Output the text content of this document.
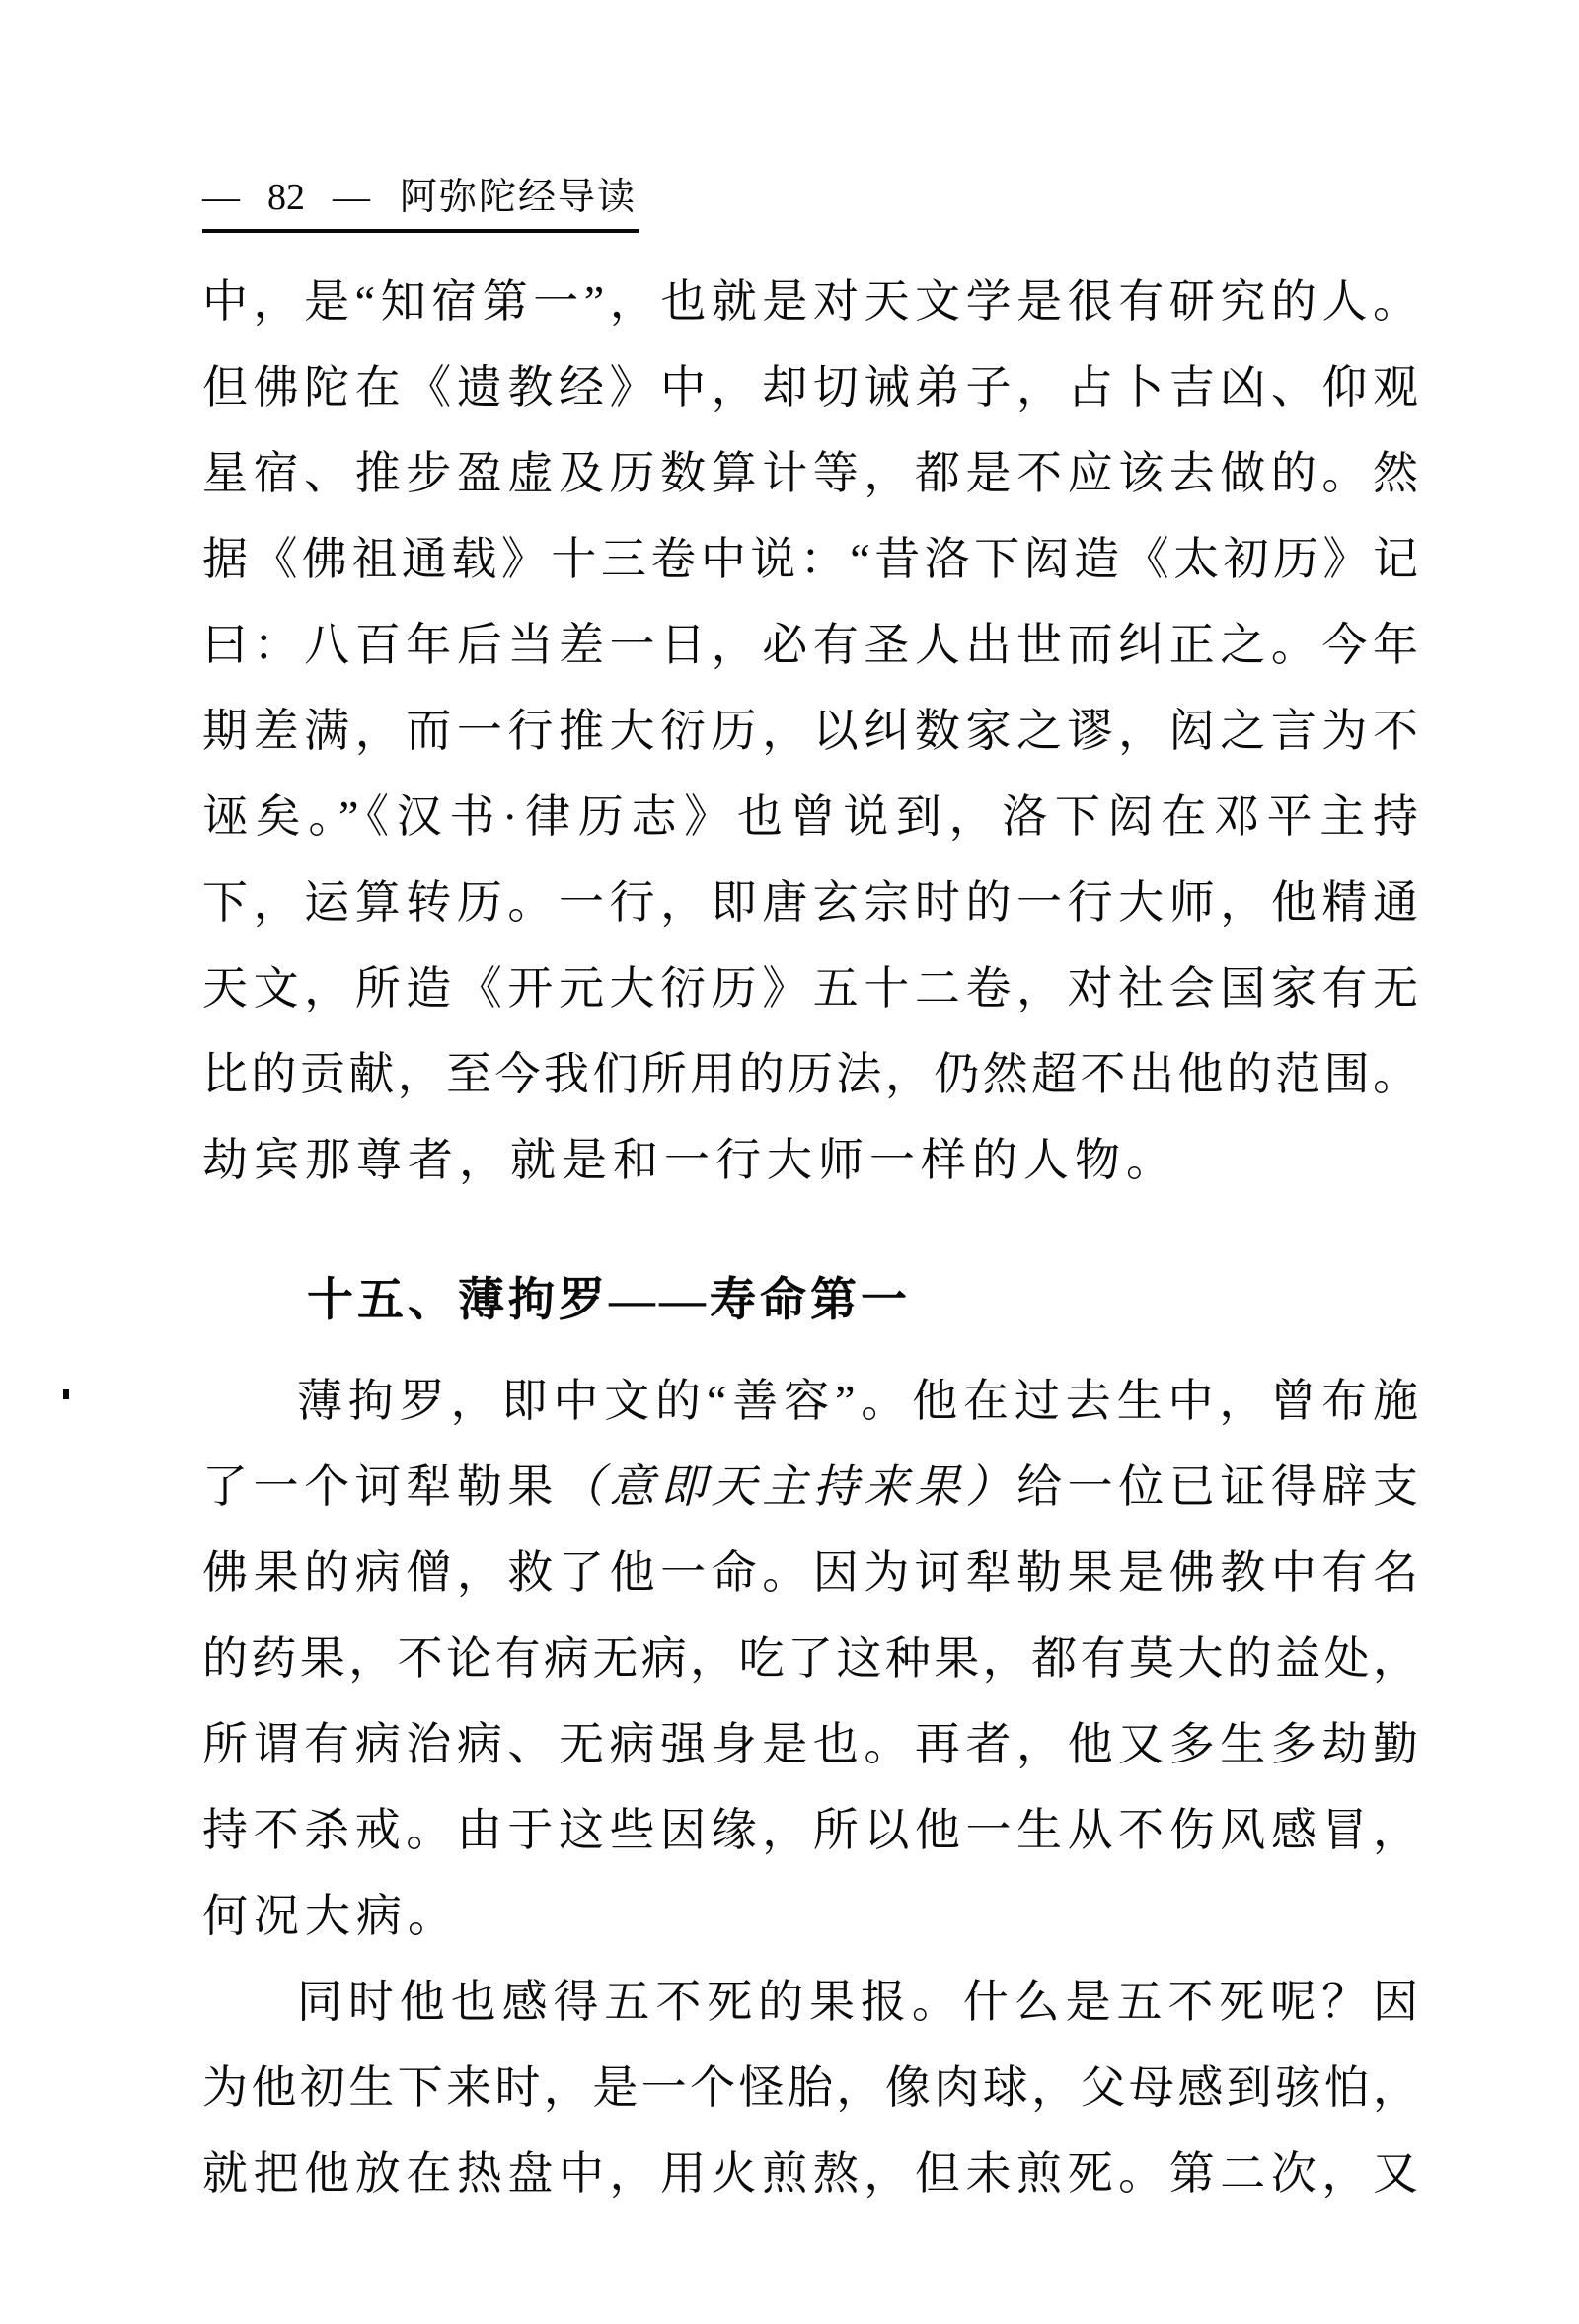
— 82 — 阿弥陀经导读
中，是“知宿第一”，也就是对天文学是很有研究的人。
但佛陀在《遗教经》中，却切诫弟子，占卜吉凶、仰观
星宿、推步盈虚及历数算计等，都是不应该去做的。然
据《佛祖通载》十三卷中说：“昔洛下闳造《太初历》记
曰：八百年后当差一日，必有圣人出世而纠正之。今年
期差满，而一行推大衍历，以纠数家之谬，闳之言为不
诬矣。”《汉书·律历志》也曾说到，洛下闳在邓平主持
下，运算转历。一行，即唐玄宗时的一行大师，他精通
天文，所造《开元大衍历》五十二卷，对社会国家有无
比的贡献，至今我们所用的历法，仍然超不出他的范围。
劫宾那尊者，就是和一行大师一样的人物。
十五、薄拘罗——寿命第一
薄拘罗，即中文的“善容”。他在过去生中，曾布施
了一个诃犁勒果（意即天主持来果）给一位已证得辟支
佛果的病僧，救了他一命。因为诃犁勒果是佛教中有名
的药果，不论有病无病，吃了这种果，都有莫大的益处，
所谓有病治病、无病强身是也。再者，他又多生多劫勤
持不杀戒。由于这些因缘，所以他一生从不伤风感冒，
何况大病。
同时他也感得五不死的果报。什么是五不死呢？因
为他初生下来时，是一个怪胎，像肉球，父母感到骇怕，
就把他放在热盘中，用火煎熬，但未煎死。第二次，又
